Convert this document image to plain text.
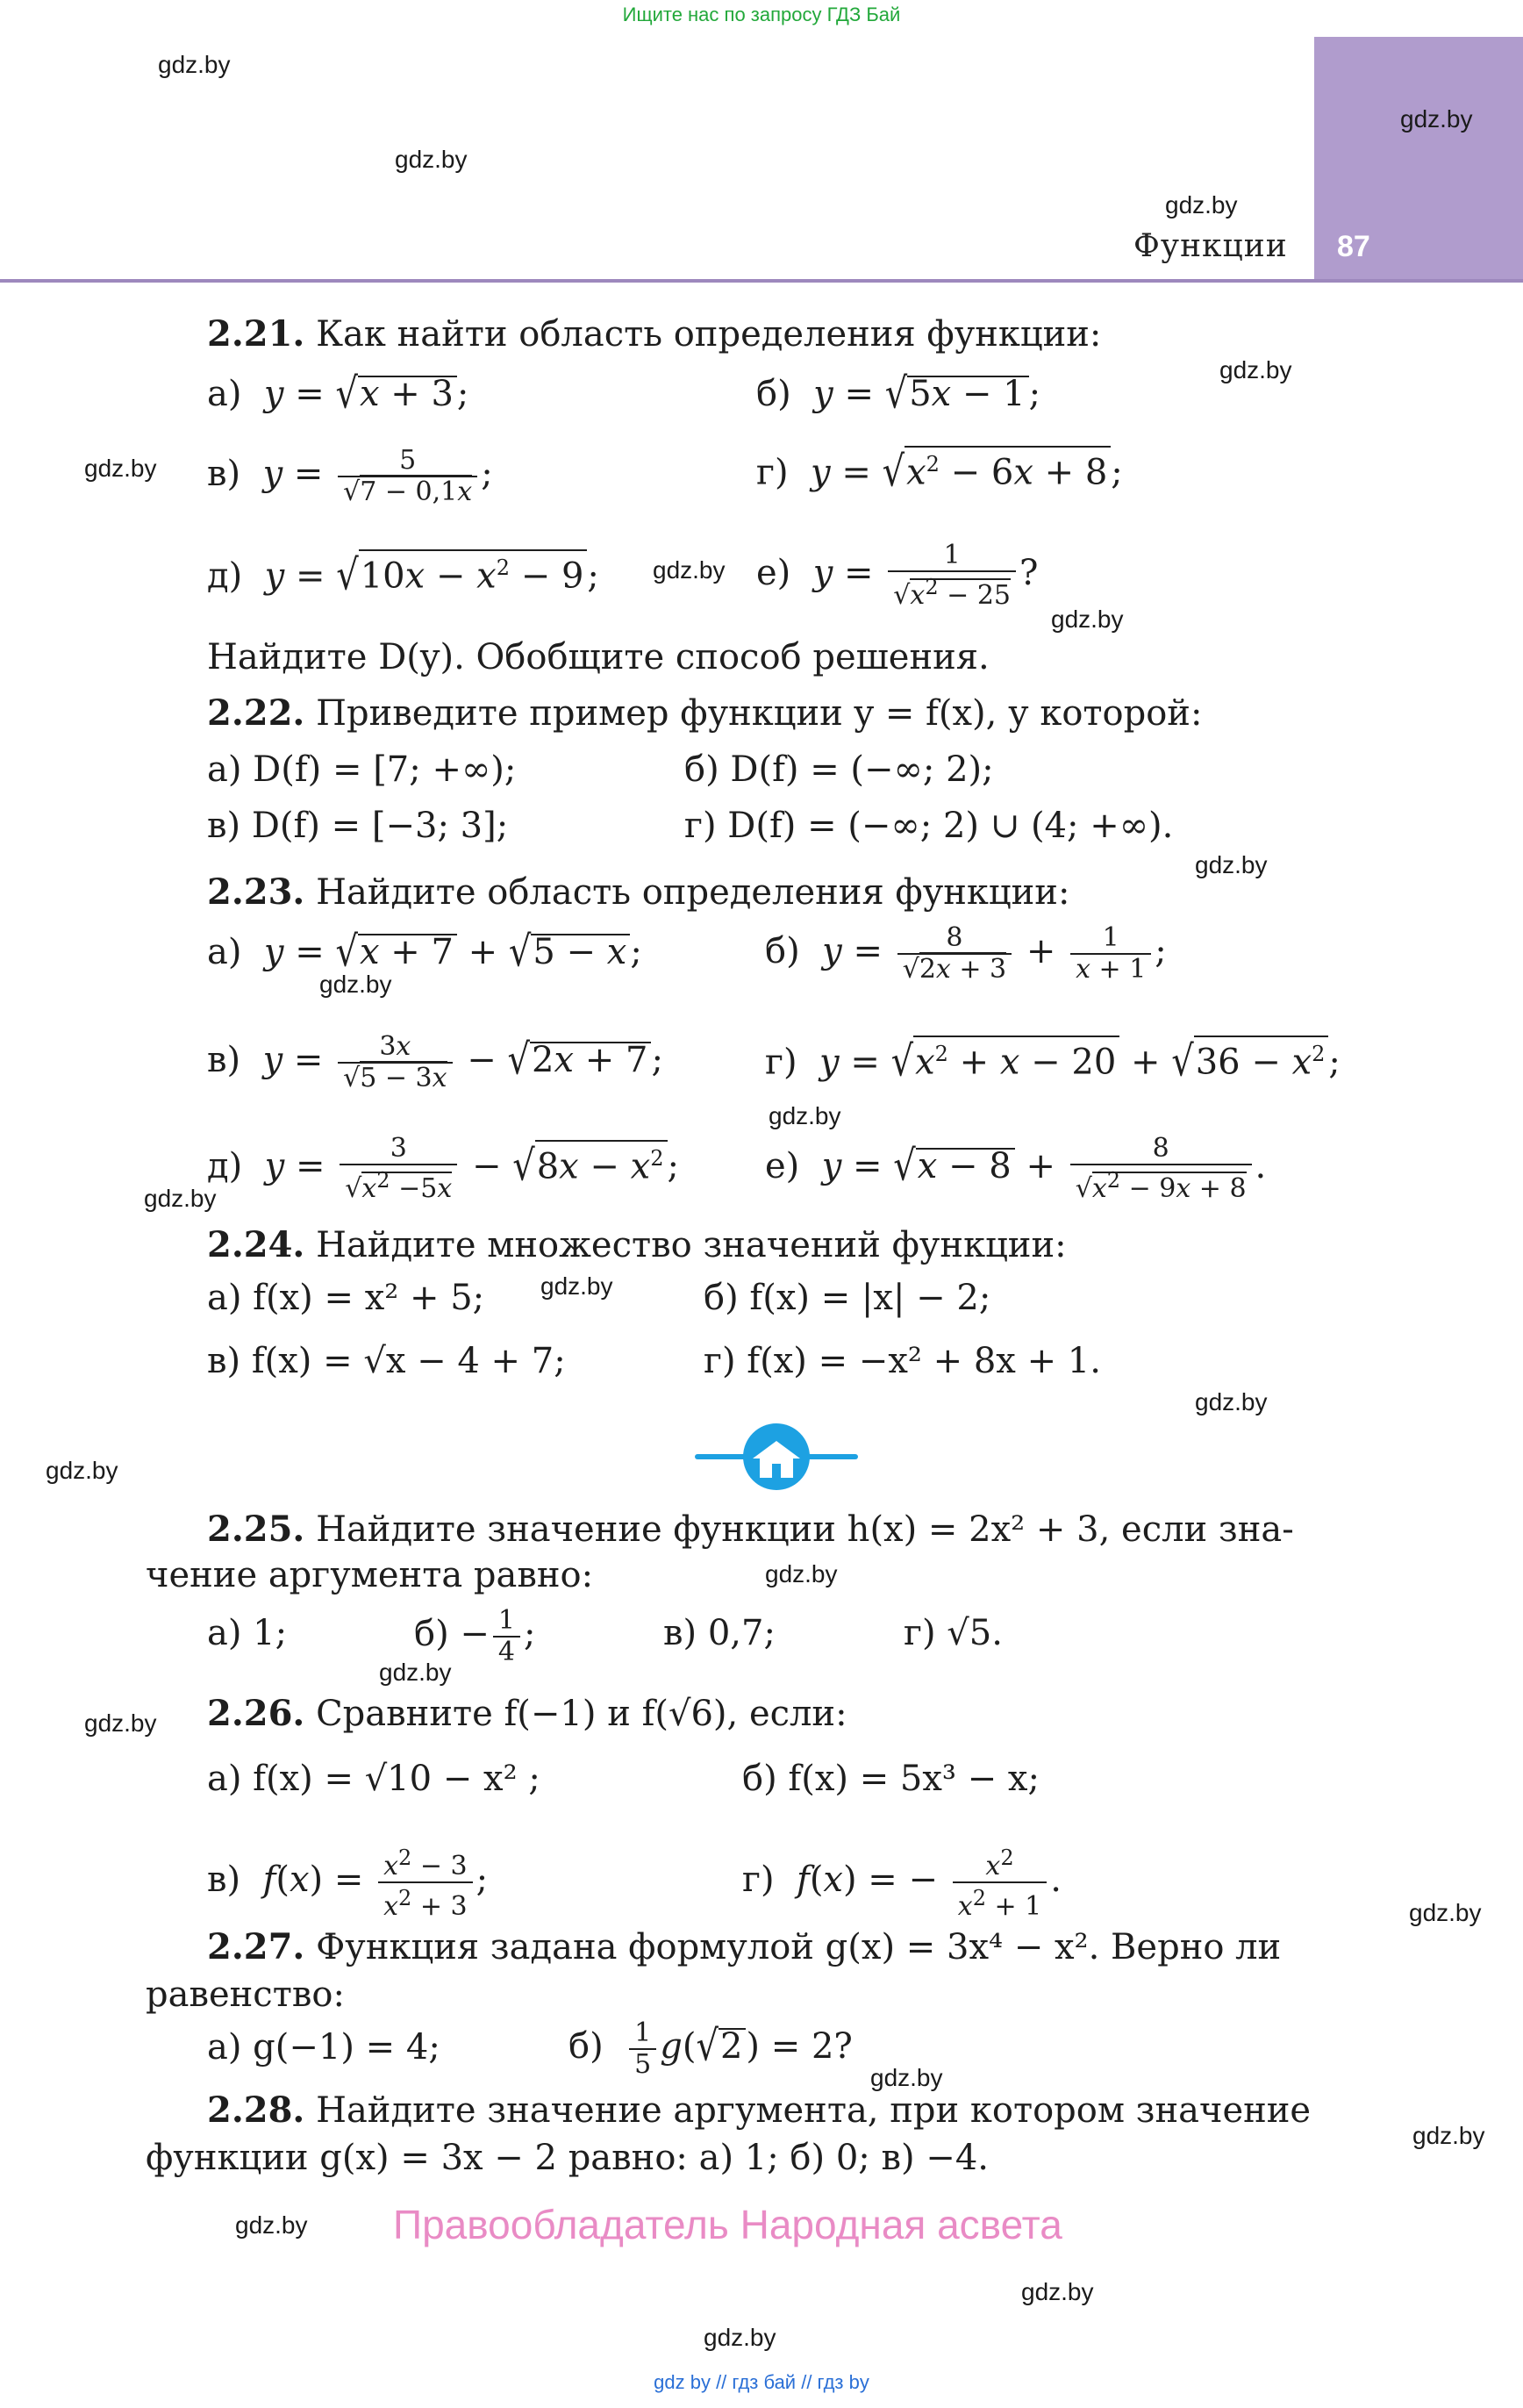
Ищите нас по запросу ГДЗ Бай
Функции 87
gdz.by
gdz.by
gdz.by
gdz.by
gdz.by
gdz.by
gdz.by
gdz.by
gdz.by
gdz.by
gdz.by
gdz.by
gdz.by
gdz.by
gdz.by
gdz.by
gdz.by
gdz.by
gdz.by
gdz.by
gdz.by
gdz.by
gdz.by
gdz.by
2.21. Как найти область определения функции:
а) y = √x + 3 ;	б) y = √5x − 1 ;
в) $y = \frac{5}{√7 - 0,1x}$ ;	г) $y = √x^2 - 6x + 8$ ;
д) $y = √10x - x^2 - 9$ ;	е) $y = \frac{1}{√x^2 - 25}$ ?
Найдите D(y). Обобщите способ решения.
2.22. Приведите пример функции y = f(x), у которой:
а) D(f) = [7; +∞);	б) D(f) = (−∞; 2);
в) D(f) = [−3; 3];	г) D(f) = (−∞; 2) ∪ (4; +∞).
2.23. Найдите область определения функции:
а)  y = √x + 7 + √5 − x ;	б)  $y = \frac{8}{√2x + 3} + \frac{1}{x + 1}$ ;
в)  $y = \frac{3x}{√5 - 3x} - √2x + 7$ ;	г)  $y = √x^2 + x - 20 + √36 - x^2$ ;
д)  $y = \frac{3}{√x^2 -5x} - √8x - x^2$ ; е)  $y = √x - 8 + \frac{8}{√x^2 - 9x + 8}$ .
2.24. Найдите множество значений функции:
а) f(x) = x² + 5;	б) f(x) = |x| − 2;
в) f(x) = √x − 4 + 7;	г) f(x) = −x² + 8x + 1.
2.25. Найдите значение функции h(x) = 2x² + 3, если зна-
чение аргумента равно:
а) 1;	$б) - \frac{1}{4}$ ;	в) 0,7;	г) √5.
2.26. Сравните f(−1) и f(√6), если:
а) f(x) = √10 − x² ;	б) f(x) = 5x³ − x;
в)  $f(x) = \frac{x^2 - 3}{x^2 + 3}$ ;	г)  f(x) = − $\frac{x^2}{x^2 + 1}$ .
2.27. Функция задана формулой g(x) = 3x⁴ − x². Верно ли
равенство:
а) g(−1) = 4;	$б) \frac{1}{5} g(√2$ ) = 2?
2.28. Найдите значение аргумента, при котором значение
функции g(x) = 3x − 2 равно: а) 1; б) 0; в) −4.
Правообладатель Народная асвета
gdz by // гдз бай // гдз by
